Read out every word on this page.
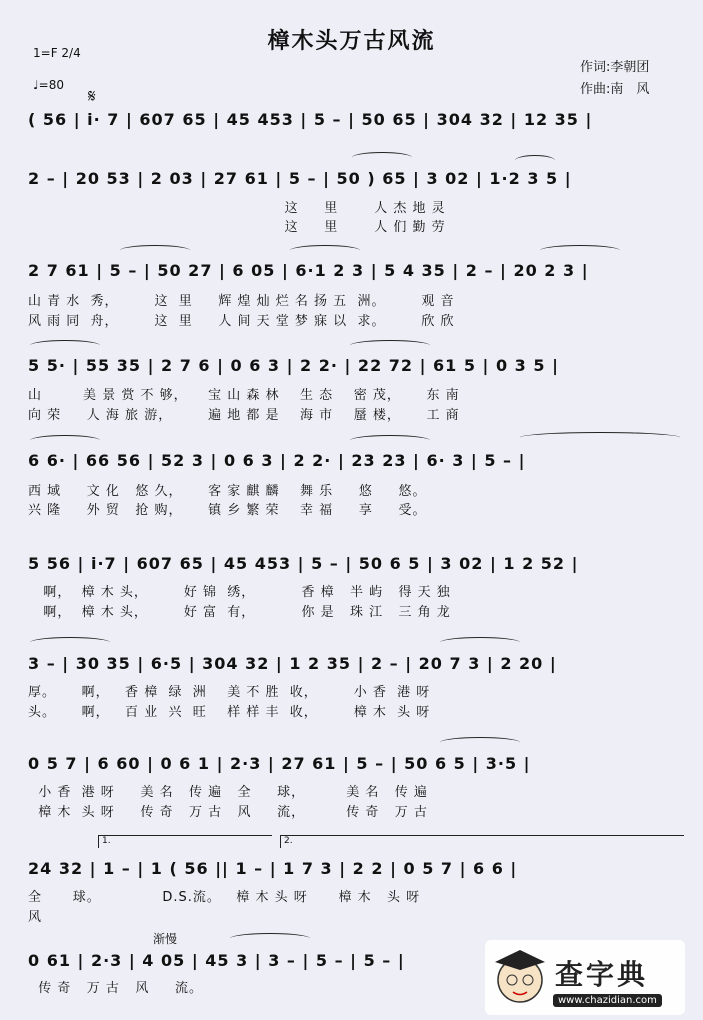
樟木头万古风流
1=F 2/4
♩=80
作词:李朝团
作曲:南　风
𝄋
( 56 | i· 7 | 607 65 | 45 453 | 5 – | 50 65 | 304 32 | 12 35 |
2 – | 20 53 | 2 03 | 27 61 | 5 – | 50 ) 65 | 3 02 | 1·2 3 5 |
这     里       人 杰 地 灵
这     里       人 们 勤 劳
2 7 61 | 5 – | 50 27 | 6 05 | 6·1 2 3 | 5 4 35 | 2 – | 20 2 3 |
山 青 水  秀，       这  里     辉 煌 灿 烂 名 扬 五  洲。       观 音
风 雨 同  舟，       这  里     人 间 天 堂 梦 寐 以  求。       欣 欣
5 5· | 55 35 | 2 7 6 | 0 6 3 | 2 2· | 22 72 | 61 5 | 0 3 5 |
山        美 景 赏 不 够，    宝 山 森 林    生 态    密 茂，     东 南
向 荣     人 海 旅 游，       遍 地 都 是    海 市    蜃 楼，     工 商
6 6· | 66 56 | 52 3 | 0 6 3 | 2 2· | 23 23 | 6· 3 | 5 – |
西 域     文 化   悠 久，     客 家 麒 麟    舞 乐     悠     悠。
兴 隆     外 贸   抢 购，     镇 乡 繁 荣    幸 福     享     受。
5 56 | i·7 | 607 65 | 45 453 | 5 – | 50 6 5 | 3 02 | 1 2 52 |
啊，  樟 木 头，       好 锦  绣，         香 樟   半 屿   得 天 独
啊，  樟 木 头，       好 富  有，         你 是   珠 江   三 角 龙
3 – | 30 35 | 6·5 | 304 32 | 1 2 35 | 2 – | 20 7 3 | 2 20 |
厚。     啊，   香 樟  绿  洲    美 不 胜  收，       小 香  港 呀
头。     啊，   百 业  兴  旺    样 样 丰  收，       樟 木  头 呀
0 5 7 | 6 60 | 0 6 1 | 2·3 | 27 61 | 5 – | 50 6 5 | 3·5 |
小 香  港 呀     美 名   传 遍   全     球，        美 名   传 遍
樟 木  头 呀     传 奇   万 古   风     流，        传 奇   万 古
1.	2.
24 32 | 1 – | 1 ( 56 || 1 – | 1 7 3 | 2 2 | 0 5 7 | 6 6 |
全      球。            D.S.流。   樟 木 头 呀      樟 木   头 呀
风
渐慢
0 61 | 2·3 | 4 05 | 45 3 | 3 – | 5 – | 5 – |
传 奇   万 古   风     流。	查字典
www.chazidian.com
